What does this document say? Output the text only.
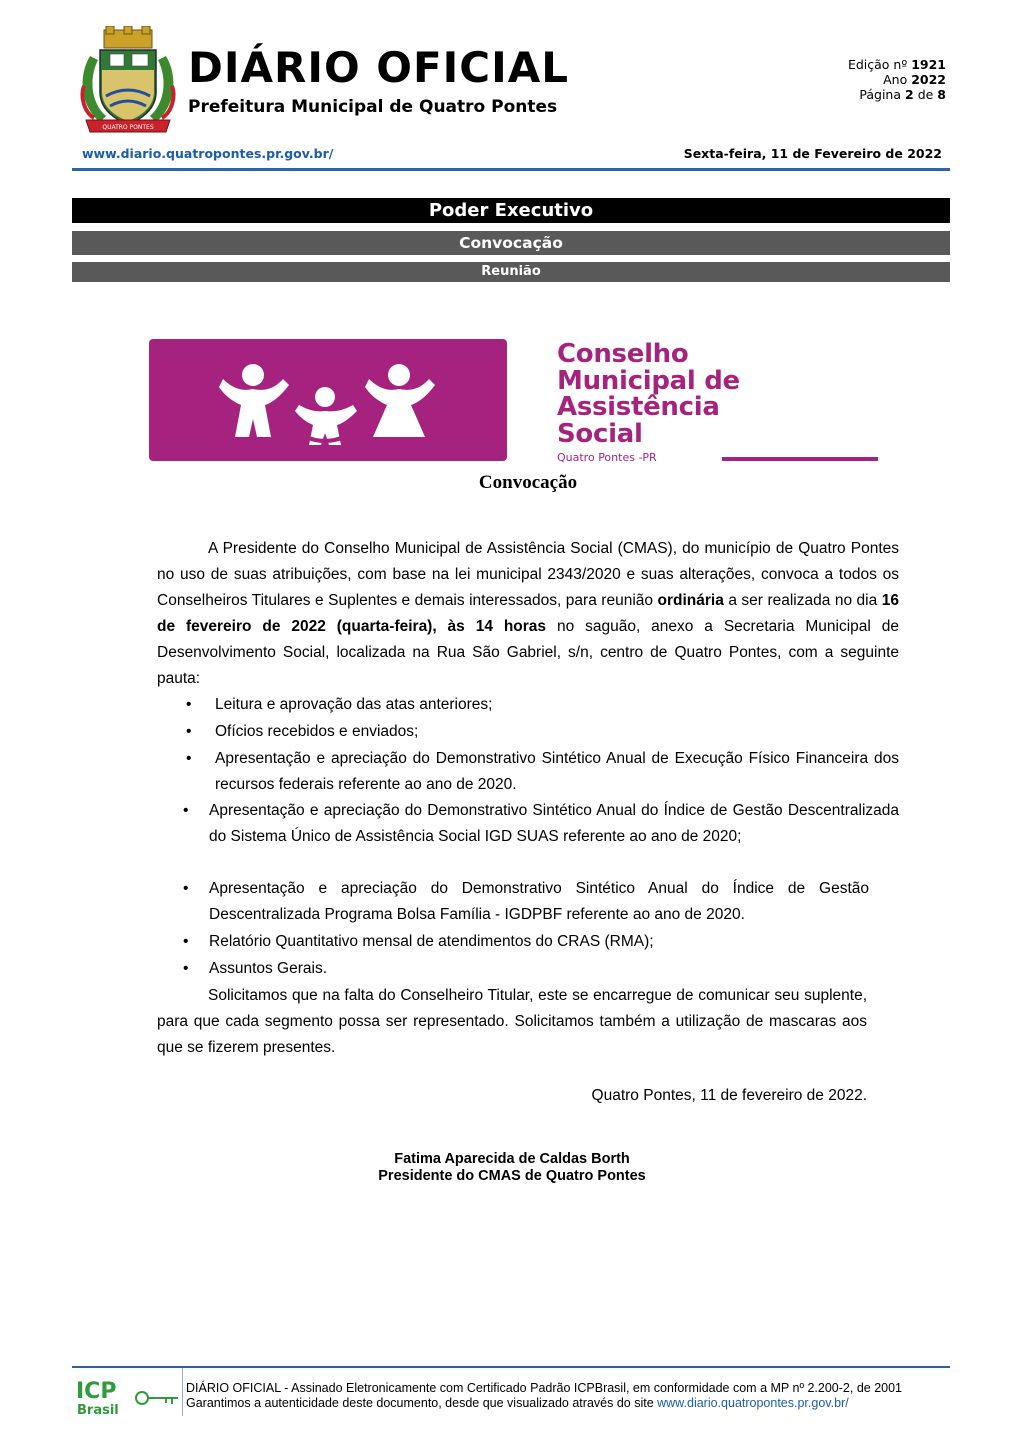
QUATRO PONTES
DIÁRIO OFICIAL
Prefeitura Municipal de Quatro Pontes
Edição nº 1921
Ano 2022
Página 2 de 8
www.diario.quatropontes.pr.gov.br/	Sexta-feira, 11 de Fevereiro de 2022
Poder Executivo
Convocação
Reunião
Conselho
Municipal de
Assistência
Social
Quatro Pontes -PR
Convocação
A Presidente do Conselho Municipal de Assistência Social (CMAS), do município de Quatro Pontes no uso de suas atribuições, com base na lei municipal 2343/2020 e suas alterações, convoca a todos os Conselheiros Titulares e Suplentes e demais interessados, para reunião ordinária a ser realizada no dia 16 de fevereiro de 2022 (quarta-feira), às 14 horas no saguão, anexo a Secretaria Municipal de Desenvolvimento Social, localizada na Rua São Gabriel, s/n, centro de Quatro Pontes, com a seguinte pauta:
•	Leitura e aprovação das atas anteriores;
•	Ofícios recebidos e enviados;
•	Apresentação e apreciação do Demonstrativo Sintético Anual de Execução Físico Financeira dos recursos federais referente ao ano de 2020.
•	Apresentação e apreciação do Demonstrativo Sintético Anual do Índice de Gestão Descentralizada do Sistema Único de Assistência Social IGD SUAS referente ao ano de 2020;
•	Apresentação e apreciação do Demonstrativo Sintético Anual do Índice de Gestão Descentralizada Programa Bolsa Família - IGDPBF referente ao ano de 2020.
•	Relatório Quantitativo mensal de atendimentos do CRAS (RMA);
•	Assuntos Gerais.
Solicitamos que na falta do Conselheiro Titular, este se encarregue de comunicar seu suplente, para que cada segmento possa ser representado. Solicitamos também a utilização de mascaras aos que se fizerem presentes.
Quatro Pontes, 11 de fevereiro de 2022.
Fatima Aparecida de Caldas Borth
Presidente do CMAS de Quatro Pontes
ICP
Brasil
DIÁRIO OFICIAL - Assinado Eletronicamente com Certificado Padrão ICPBrasil, em conformidade com a MP nº 2.200-2, de 2001
Garantimos a autenticidade deste documento, desde que visualizado através do site www.diario.quatropontes.pr.gov.br/
